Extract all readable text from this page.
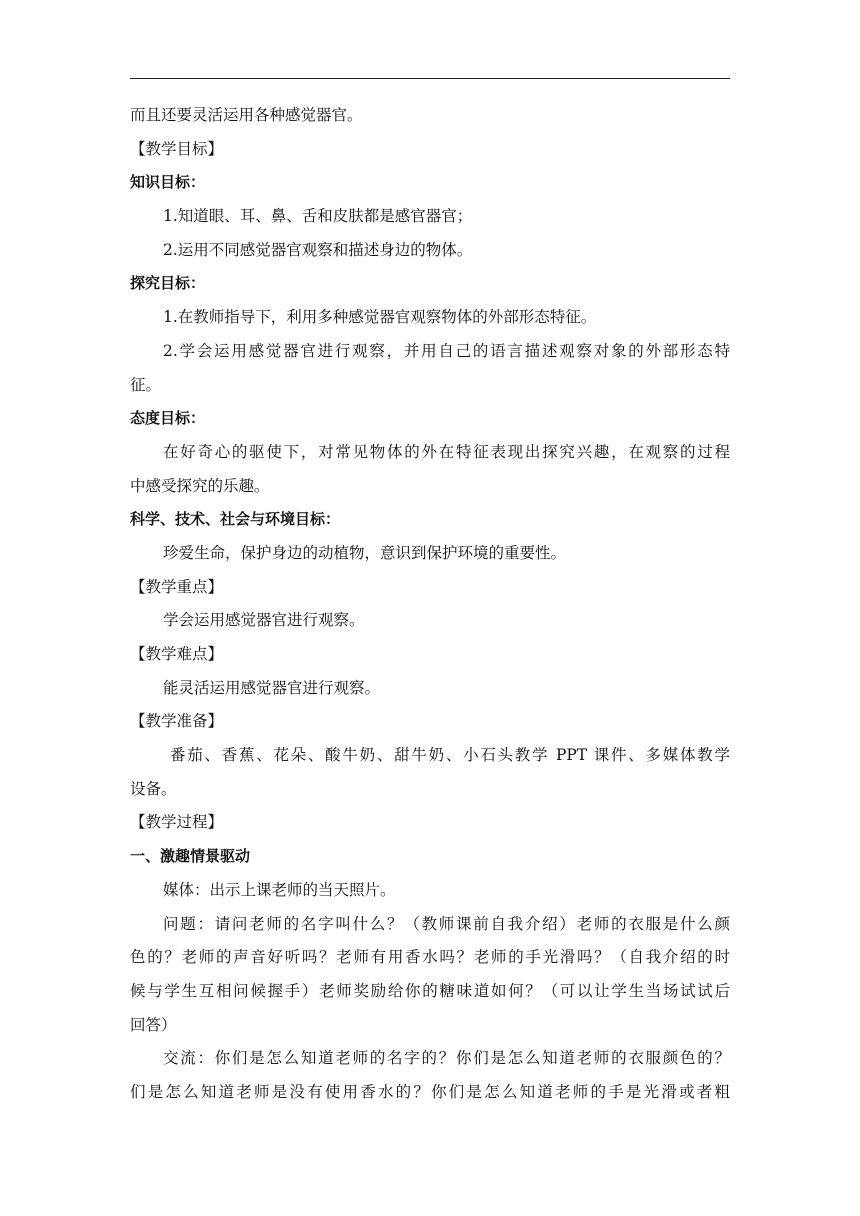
而且还要灵活运用各种感觉器官。

【教学目标】

知识目标：

1.知道眼、耳、鼻、舌和皮肤都是感官器官；

2.运用不同感觉器官观察和描述身边的物体。

探究目标：

1.在教师指导下，利用多种感觉器官观察物体的外部形态特征。

2.学会运用感觉器官进行观察，并用自己的语言描述观察对象的外部形态特

征。

态度目标：

在好奇心的驱使下，对常见物体的外在特征表现出探究兴趣，在观察的过程

中感受探究的乐趣。

科学、技术、社会与环境目标：

珍爱生命，保护身边的动植物，意识到保护环境的重要性。

【教学重点】

学会运用感觉器官进行观察。

【教学难点】

能灵活运用感觉器官进行观察。

【教学准备】

番茄、香蕉、花朵、酸牛奶、甜牛奶、小石头教学 PPT 课件、多媒体教学

设备。

【教学过程】

一、激趣情景驱动

媒体：出示上课老师的当天照片。

问题：请问老师的名字叫什么？（教师课前自我介绍）老师的衣服是什么颜

色的？老师的声音好听吗？老师有用香水吗？老师的手光滑吗？（自我介绍的时

候与学生互相问候握手）老师奖励给你的糖味道如何？（可以让学生当场试试后

回答）

交流：你们是怎么知道老师的名字的？你们是怎么知道老师的衣服颜色的？

们是怎么知道老师是没有使用香水的？你们是怎么知道老师的手是光滑或者粗
